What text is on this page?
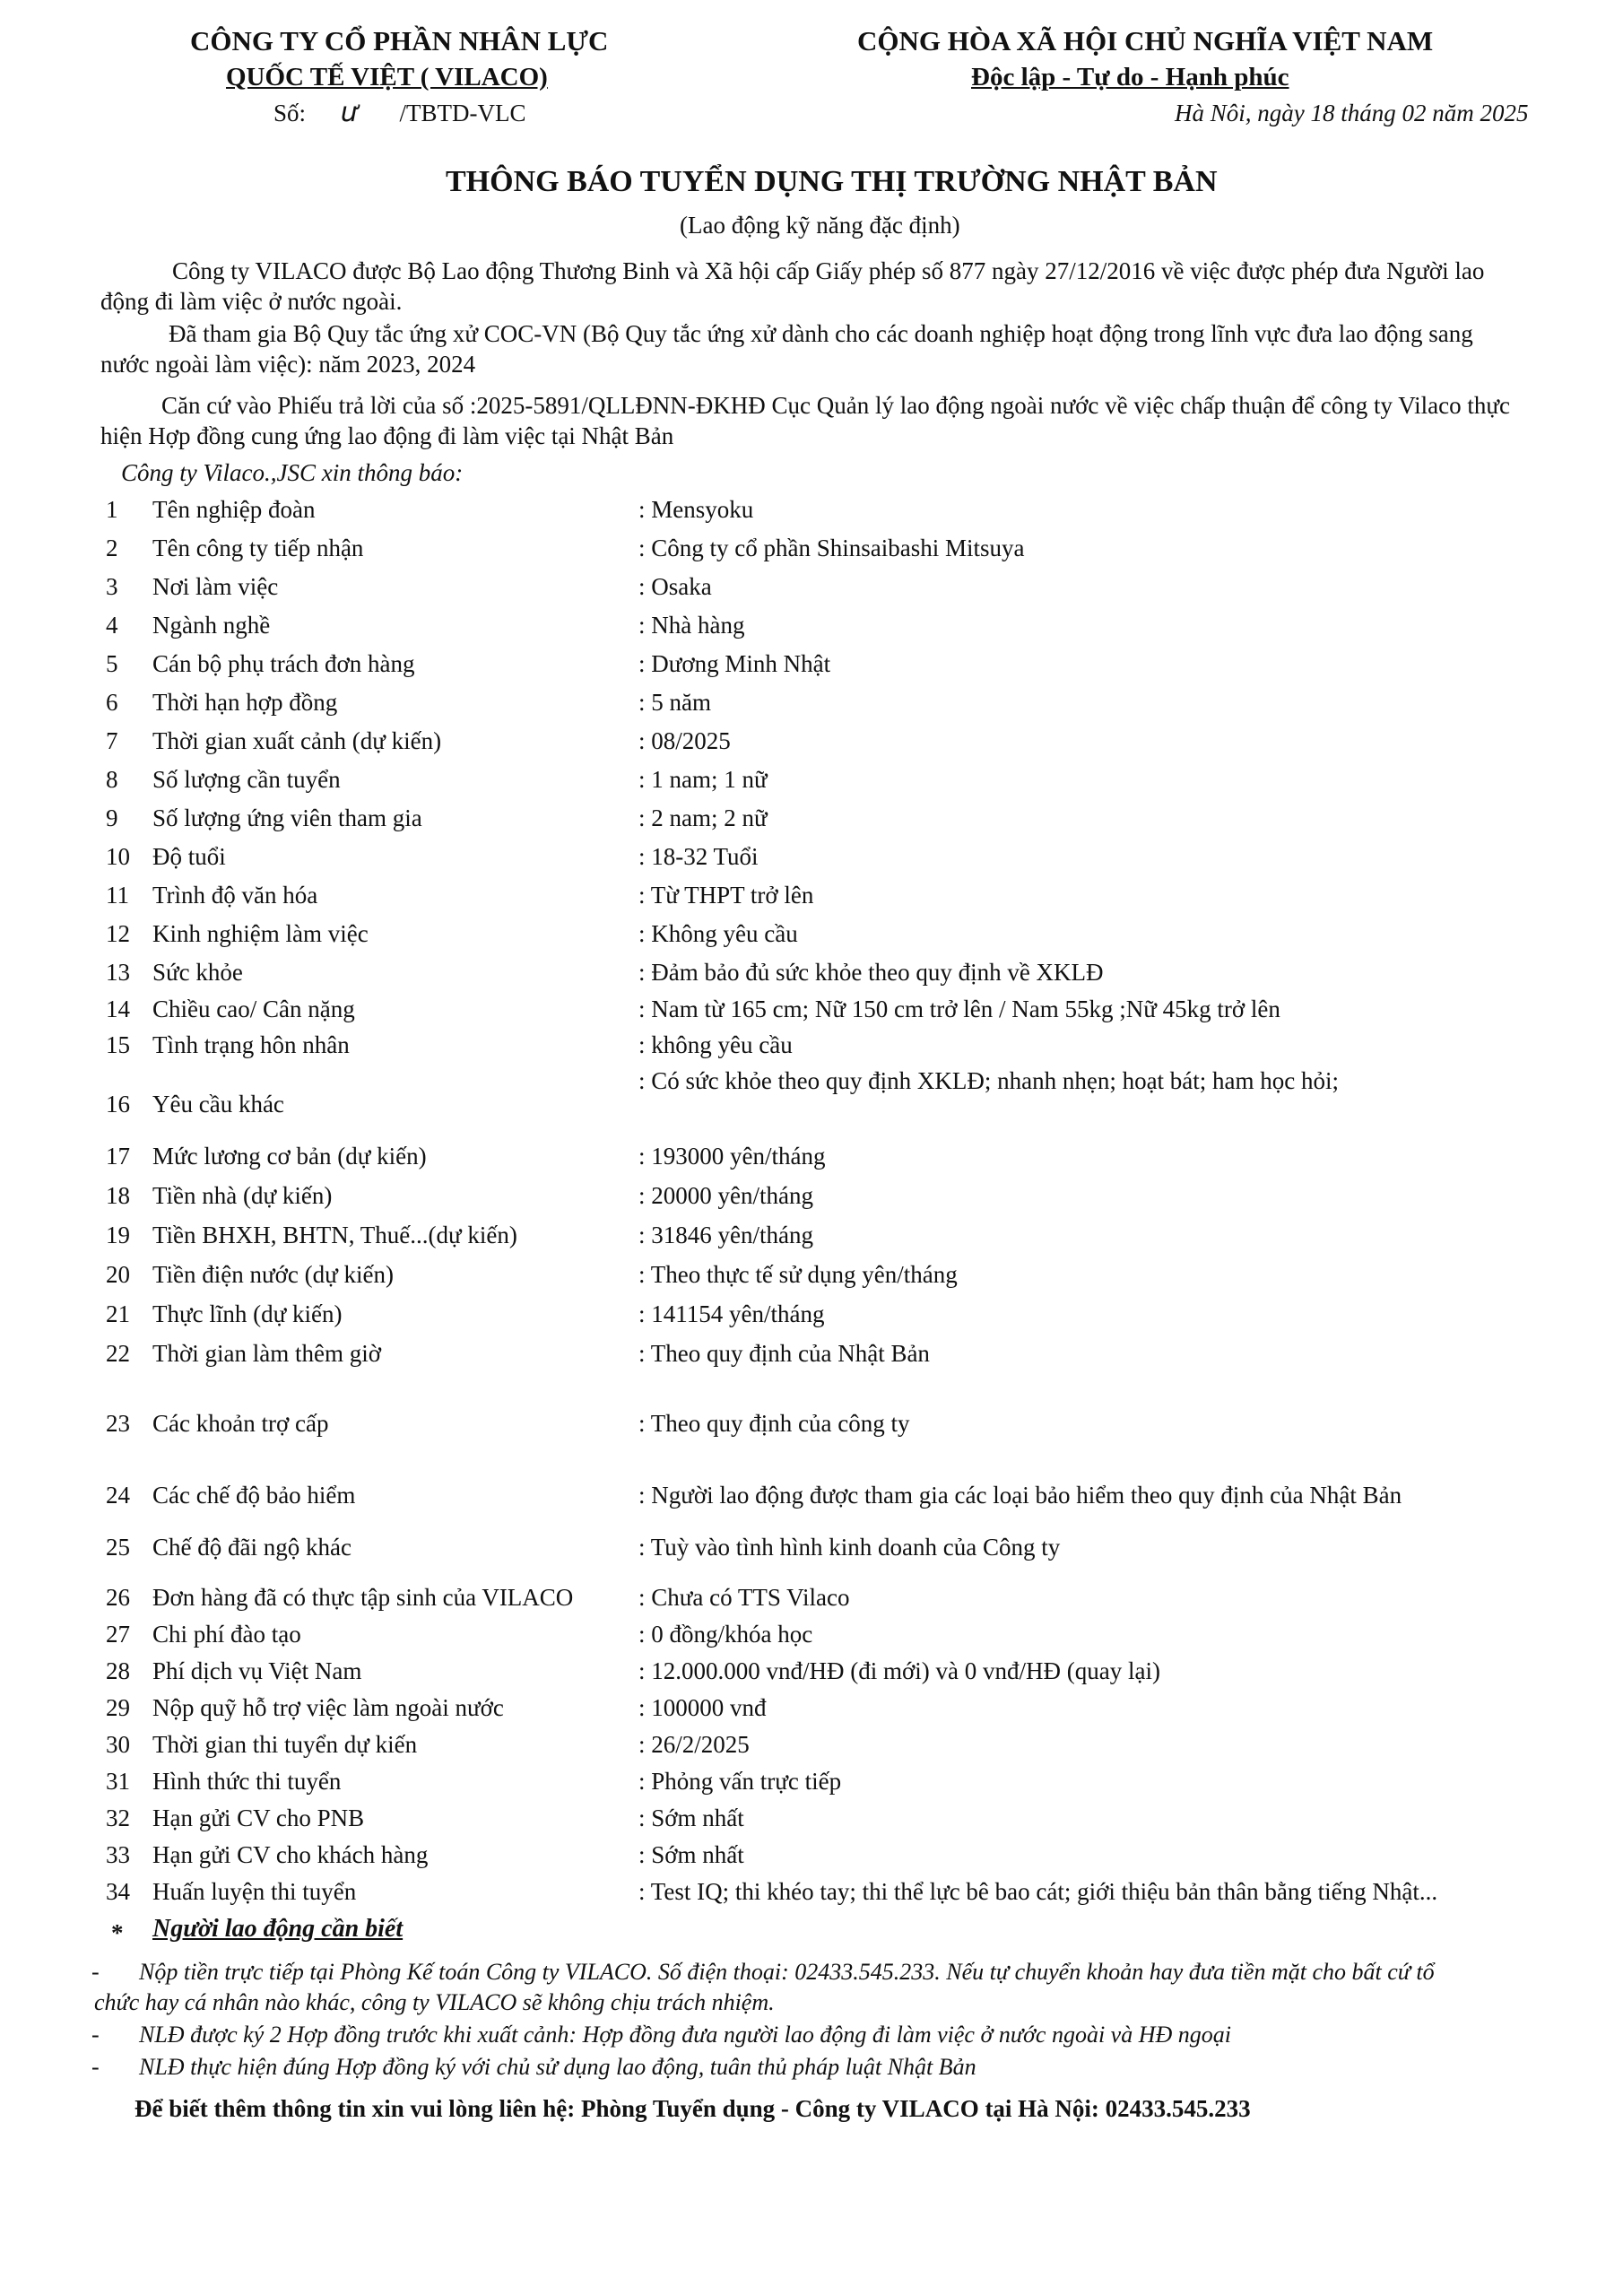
CÔNG TY CỔ PHẦN NHÂN LỰC
QUỐC TẾ VIỆT ( VILACO)
Số: ư /TBTD-VLC
CỘNG HÒA XÃ HỘI CHỦ NGHĨA VIỆT NAM
Độc lập - Tự do - Hạnh phúc
Hà Nôi, ngày 18 tháng 02 năm 2025
THÔNG BÁO TUYỂN DỤNG THỊ TRƯỜNG NHẬT BẢN
(Lao động kỹ năng đặc định)
Công ty VILACO được Bộ Lao động Thương Binh và Xã hội cấp Giấy phép số 877 ngày 27/12/2016 về việc được phép đưa Người lao
động đi làm việc ở nước ngoài.
Đã tham gia Bộ Quy tắc ứng xử COC-VN (Bộ Quy tắc ứng xử dành cho các doanh nghiệp hoạt động trong lĩnh vực đưa lao động sang
nước ngoài làm việc): năm 2023, 2024
Căn cứ vào Phiếu trả lời của số :2025-5891/QLLĐNN-ĐKHĐ Cục Quản lý lao động ngoài nước về việc chấp thuận để công ty Vilaco thực
hiện Hợp đồng cung ứng lao động đi làm việc tại Nhật Bản
Công ty Vilaco.,JSC xin thông báo:
1	Tên nghiệp đoàn	: Mensyoku
2	Tên công ty tiếp nhận	: Công ty cổ phần Shinsaibashi Mitsuya
3	Nơi làm việc	: Osaka
4	Ngành nghề	: Nhà hàng
5	Cán bộ phụ trách đơn hàng	: Dương Minh Nhật
6	Thời hạn hợp đồng	: 5 năm
7	Thời gian xuất cảnh (dự kiến)	: 08/2025
8	Số lượng cần tuyển	: 1 nam; 1 nữ
9	Số lượng ứng viên tham gia	: 2 nam; 2 nữ
10 Độ tuổi	: 18-32 Tuổi
11 Trình độ văn hóa	: Từ THPT trở lên
12 Kinh nghiệm làm việc	: Không yêu cầu
13 Sức khỏe	: Đảm bảo đủ sức khỏe theo quy định về XKLĐ
14 Chiều cao/ Cân nặng	: Nam từ 165 cm; Nữ 150 cm trở lên / Nam 55kg ;Nữ 45kg trở lên
15 Tình trạng hôn nhân	: không yêu cầu
16 Yêu cầu khác
: Có sức khỏe theo quy định XKLĐ; nhanh nhẹn; hoạt bát; ham học hỏi;
17 Mức lương cơ bản (dự kiến)	: 193000 yên/tháng
18 Tiền nhà (dự kiến)	: 20000 yên/tháng
19 Tiền BHXH, BHTN, Thuế...(dự kiến)	: 31846 yên/tháng
20 Tiền điện nước (dự kiến)	: Theo thực tế sử dụng yên/tháng
21 Thực lĩnh (dự kiến)	: 141154 yên/tháng
22 Thời gian làm thêm giờ	: Theo quy định của Nhật Bản
23 Các khoản trợ cấp	: Theo quy định của công ty
24 Các chế độ bảo hiểm	: Người lao động được tham gia các loại bảo hiểm theo quy định của Nhật Bản
25 Chế độ đãi ngộ khác	: Tuỳ vào tình hình kinh doanh của Công ty
26 Đơn hàng đã có thực tập sinh của VILACO	: Chưa có TTS Vilaco
27 Chi phí đào tạo	: 0 đồng/khóa học
28 Phí dịch vụ Việt Nam	: 12.000.000 vnđ/HĐ (đi mới) và 0 vnđ/HĐ (quay lại)
29 Nộp quỹ hỗ trợ việc làm ngoài nước	: 100000 vnđ
30 Thời gian thi tuyển dự kiến	: 26/2/2025
31 Hình thức thi tuyển	: Phỏng vấn trực tiếp
32 Hạn gửi CV cho PNB	: Sớm nhất
33 Hạn gửi CV cho khách hàng	: Sớm nhất
34 Huấn luyện thi tuyển	: Test IQ; thi khéo tay; thi thể lực bê bao cát; giới thiệu bản thân bằng tiếng Nhật...
* Người lao động cần biết
- Nộp tiền trực tiếp tại Phòng Kế toán Công ty VILACO. Số điện thoại: 02433.545.233. Nếu tự chuyển khoản hay đưa tiền mặt cho bất cứ tổ
chức hay cá nhân nào khác, công ty VILACO sẽ không chịu trách nhiệm.
- NLĐ được ký 2 Hợp đồng trước khi xuất cảnh: Hợp đồng đưa người lao động đi làm việc ở nước ngoài và HĐ ngoại
- NLĐ thực hiện đúng Hợp đồng ký với chủ sử dụng lao động, tuân thủ pháp luật Nhật Bản
Để biết thêm thông tin xin vui lòng liên hệ: Phòng Tuyển dụng - Công ty VILACO tại Hà Nội: 02433.545.233
